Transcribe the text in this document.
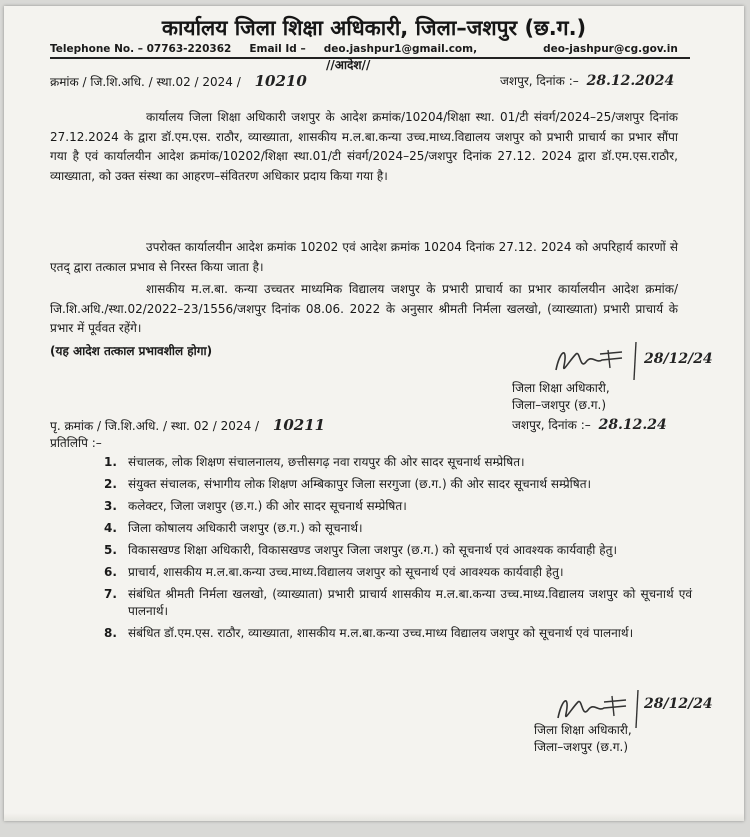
कार्यालय जिला शिक्षा अधिकारी, जिला–जशपुर (छ.ग.)
Telephone No. – 07763-220362 Email Id – deo.jashpur1@gmail.com,	deo-jashpur@cg.gov.in
//आदेश//
क्रमांक / जि.शि.अधि. / स्था.02 / 2024 / 10210	जशपुर, दिनांक :– 28.12.2024

कार्यालय जिला शिक्षा अधिकारी जशपुर के आदेश क्रमांक/10204/शिक्षा स्था. 01/टी संवर्ग/2024–25/जशपुर दिनांक 27.12.2024 के द्वारा डॉ.एम.एस. राठौर, व्याख्याता, शासकीय म.ल.बा.कन्या उच्च.माध्य.विद्यालय जशपुर को प्रभारी प्राचार्य का प्रभार सौंपा गया है एवं कार्यालयीन आदेश क्रमांक/10202/शिक्षा स्था.01/टी संवर्ग/2024–25/जशपुर दिनांक 27.12. 2024 द्वारा डॉ.एम.एस.राठौर, व्याख्याता, को उक्त संस्था का आहरण–संवितरण अधिकार प्रदाय किया गया है।

उपरोक्त कार्यालयीन आदेश क्रमांक 10202 एवं आदेश क्रमांक 10204 दिनांक 27.12. 2024 को अपरिहार्य कारणों से एतद् द्वारा तत्काल प्रभाव से निरस्त किया जाता है।

शासकीय म.ल.बा. कन्या उच्चतर माध्यमिक विद्यालय जशपुर के प्रभारी प्राचार्य का प्रभार कार्यालयीन आदेश क्रमांक/जि.शि.अधि./स्था.02/2022–23/1556/जशपुर दिनांक 08.06. 2022 के अनुसार श्रीमती निर्मला खलखो, (व्याख्याता) प्रभारी प्राचार्य के प्रभार में पूर्ववत रहेंगे।

(यह आदेश तत्काल प्रभावशील होगा)	28/12/24
जिला शिक्षा अधिकारी,
जिला–जशपुर (छ.ग.)
पृ. क्रमांक / जि.शि.अधि. / स्था. 02 / 2024 / 10211	जशपुर, दिनांक :– 28.12.24
प्रतिलिपि :–
1. संचालक, लोक शिक्षण संचालनालय, छत्तीसगढ़ नवा रायपुर की ओर सादर सूचनार्थ सम्प्रेषित।
2. संयुक्त संचालक, संभागीय लोक शिक्षण अम्बिकापुर जिला सरगुजा (छ.ग.) की ओर सादर सूचनार्थ सम्प्रेषित।
3. कलेक्टर, जिला जशपुर (छ.ग.) की ओर सादर सूचनार्थ सम्प्रेषित।
4. जिला कोषालय अधिकारी जशपुर (छ.ग.) को सूचनार्थ।
5. विकासखण्ड शिक्षा अधिकारी, विकासखण्ड जशपुर जिला जशपुर (छ.ग.) को सूचनार्थ एवं आवश्यक कार्यवाही हेतु।
6. प्राचार्य, शासकीय म.ल.बा.कन्या उच्च.माध्य.विद्यालय जशपुर को सूचनार्थ एवं आवश्यक कार्यवाही हेतु।
7. संबंधित श्रीमती निर्मला खलखो, (व्याख्याता) प्रभारी प्राचार्य शासकीय म.ल.बा.कन्या उच्च.माध्य.विद्यालय जशपुर को सूचनार्थ एवं पालनार्थ।
8. संबंधित डॉ.एम.एस. राठौर, व्याख्याता, शासकीय म.ल.बा.कन्या उच्च.माध्य विद्यालय जशपुर को सूचनार्थ एवं पालनार्थ।
28/12/24
जिला शिक्षा अधिकारी,
जिला–जशपुर (छ.ग.)
